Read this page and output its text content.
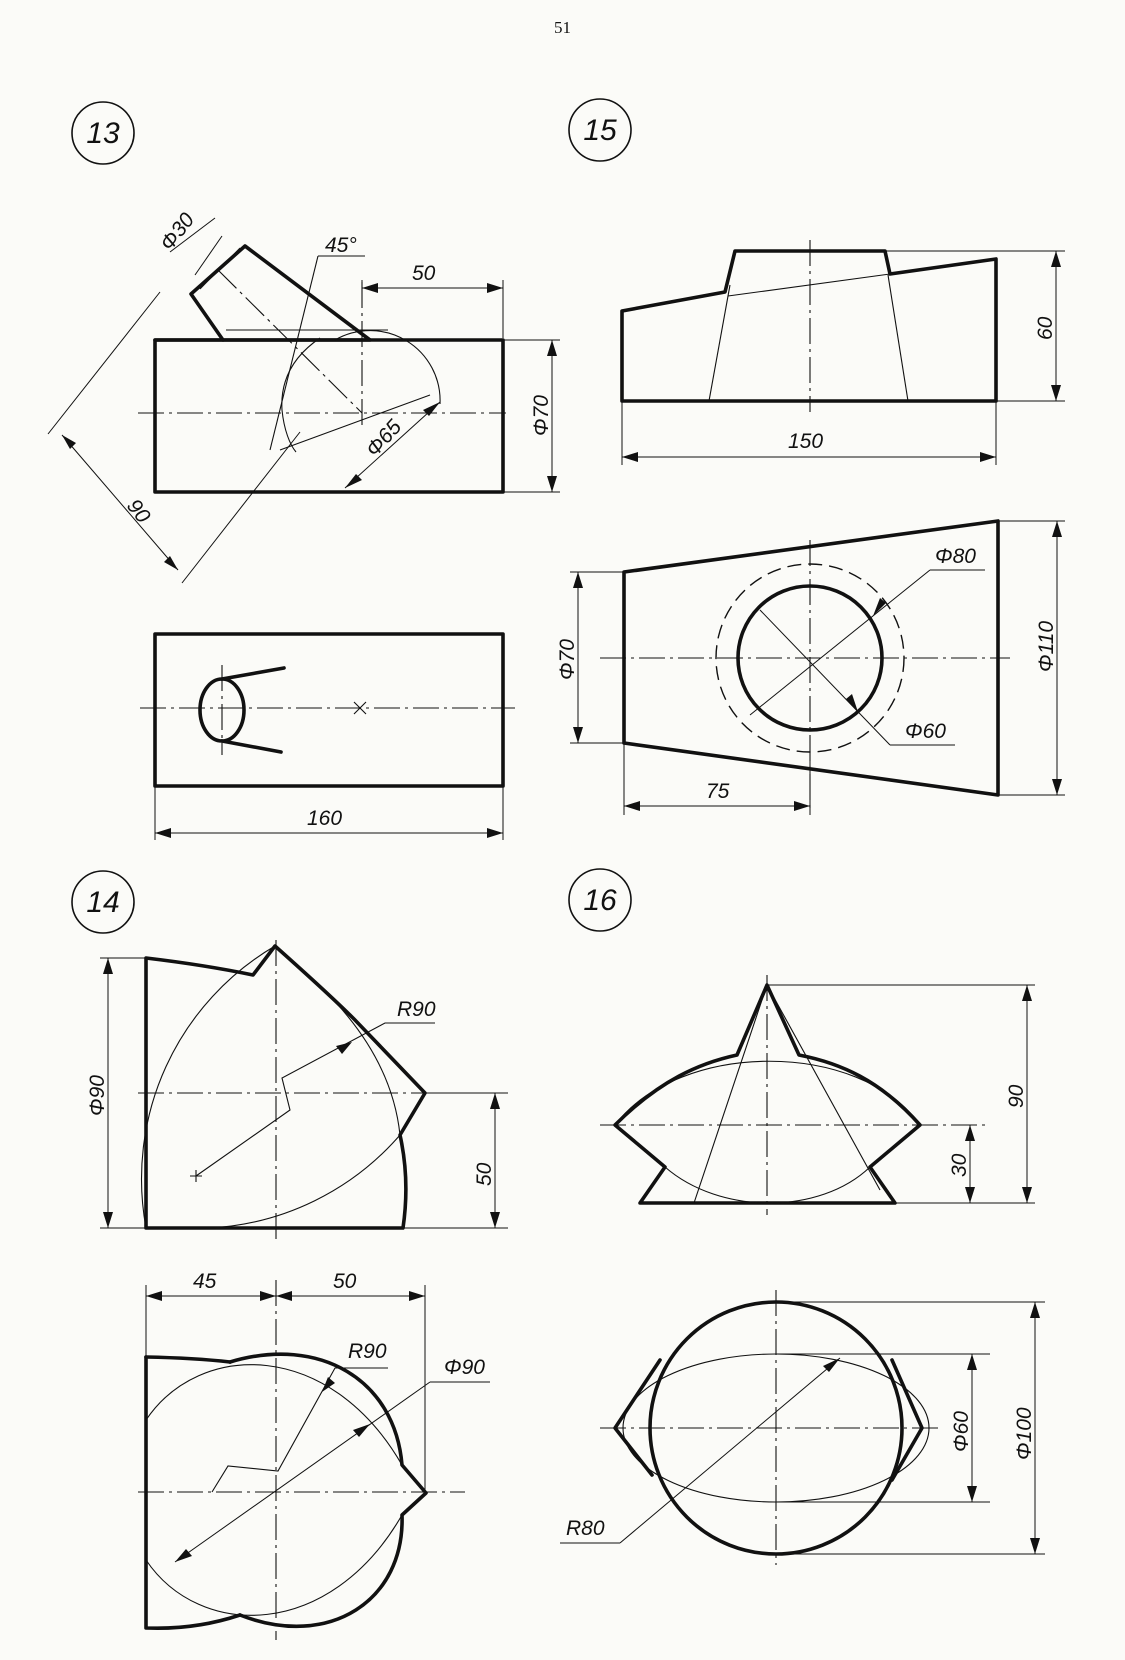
51
13
90
Φ30	45°
50
Φ70
Φ65
160
15
60
150
Φ80
Φ60
Φ70	Φ110
75
14
R90
Φ90
50
45	50
R90
Φ90
16
90
30
Φ100
Φ60
R80
